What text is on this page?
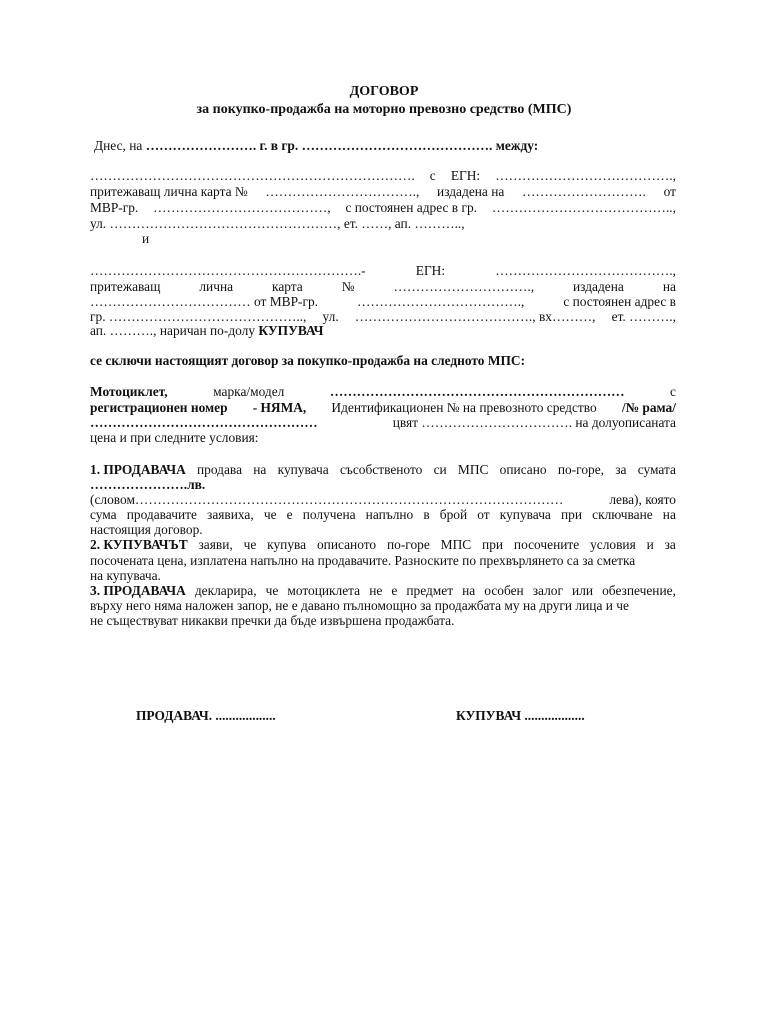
ДОГОВОР
за покупко-продажба на моторно превозно средство (МПС)
Днес, на ……………………. г. в гр. ……………………………………. между:
………………………………………………………………. с ЕГН: ………………………………….,
притежаващ лична карта № ……………………………., издадена на ………………………. от
МВР-гр. …………………………………, с постоянен адрес в гр. …………………………………..,
ул. ……………………………………………, ет. ……, ап. ………..,
и
…………………………………………………….-	ЕГН:	………………………………….,
притежаващ	лична	карта	№	………………………….,	издадена	на
……………………………… от МВР-гр.	……………………………….,	с постоянен адрес в
гр. …………………………………….., ул. …………………………………., вх………, ет. ……….,
ап. ………., наричан по-долу КУПУВАЧ
се сключи настоящият договор за покупко-продажба на следното МПС:
Мотоциклет,	марка/модел	…………………………………………………………	с
регистрационен номер - НЯМА, Идентификационен № на превозното средство /№ рама/
……………………………………………	цвят ……………………………. на долуописаната
цена и при следните условия:
1. ПРОДАВАЧА продава на купувача съсобственото си МПС описано по-горе, за сумата
………………….лв.
(словом……………………………………………………………………………………	лева), която
сума продавачите заявиха, че е получена напълно в брой от купувача при сключване на
настоящия договор.
2. КУПУВАЧЪТ заяви, че купува описаното по-горе МПС при посочените условия и за
посочената цена, изплатена напълно на продавачите. Разноските по прехвърлянето са за сметка
на купувача.
3. ПРОДАВАЧА декларира, че мотоциклета не е предмет на особен залог или обезпечение,
върху него няма наложен запор, не е давано пълномощно за продажбата му на други лица и че
не съществуват никакви пречки да бъде извършена продажбата.
ПРОДАВАЧ. ..................	КУПУВАЧ ..................
